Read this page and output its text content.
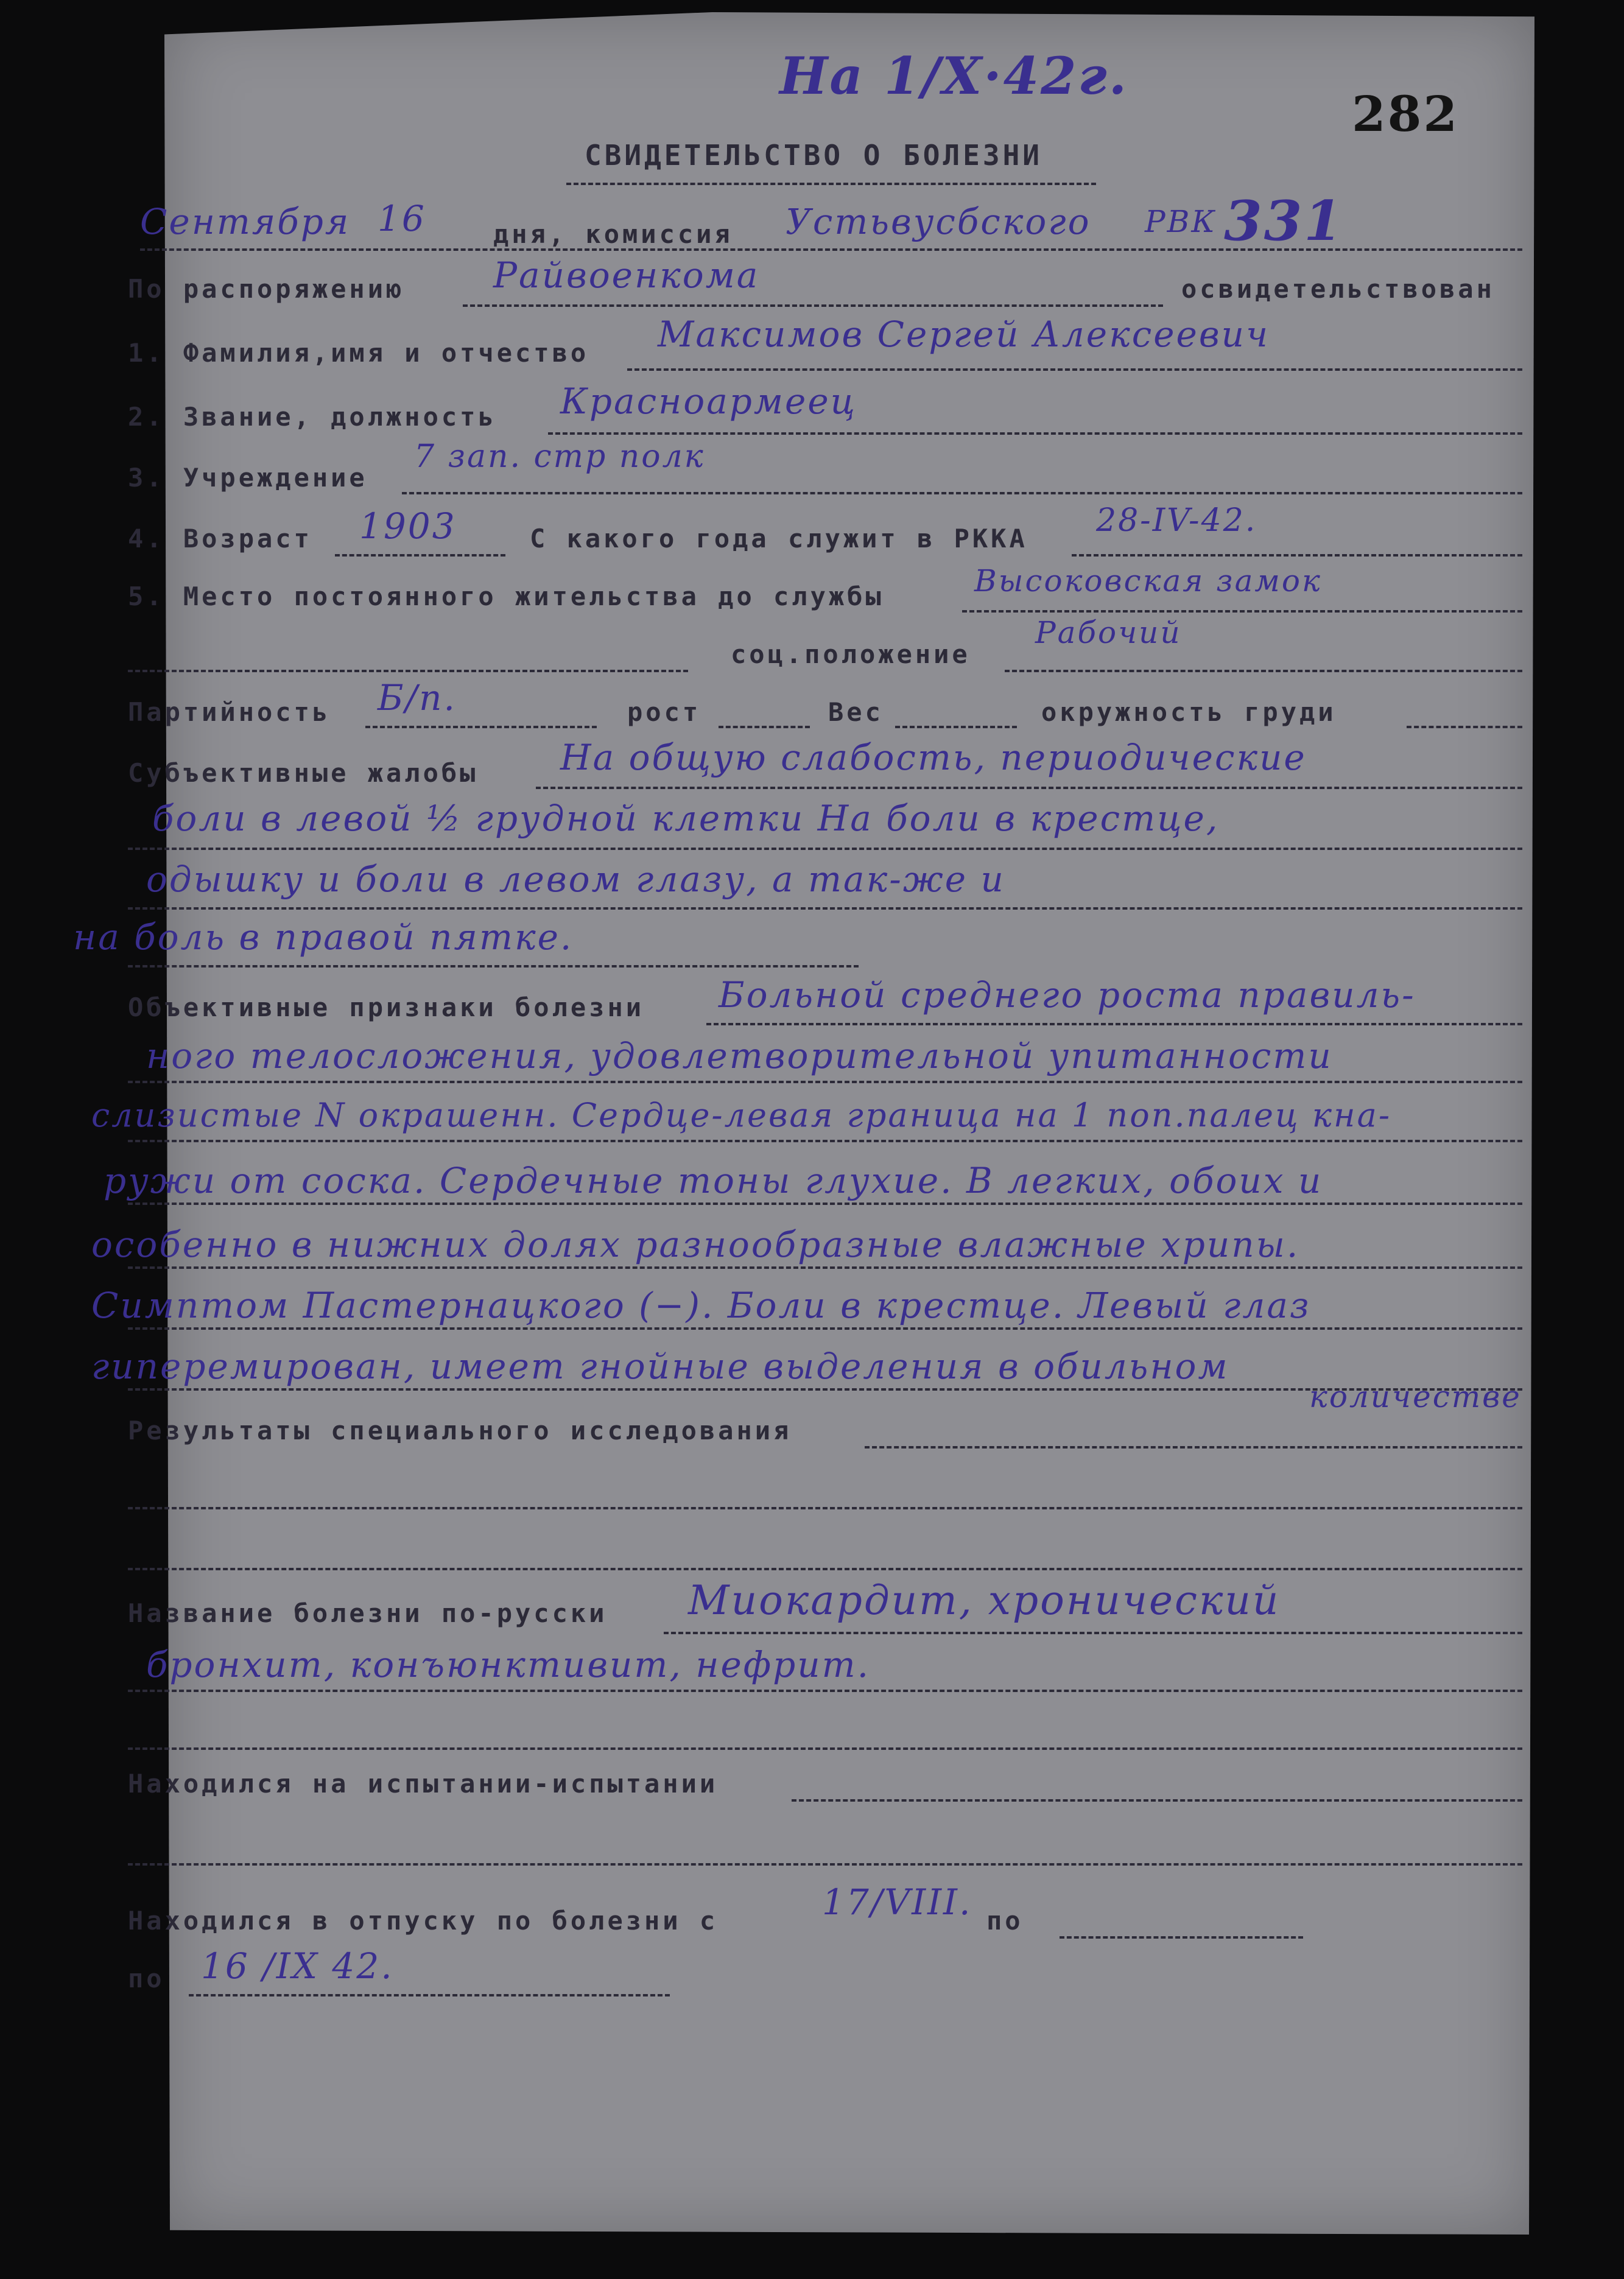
На 1/X·42г.
282
СВИДЕТЕЛЬСТВО О БОЛЕЗНИ
Сентября 16	дня, комиссия Устьвусбского РВК 331
По распоряжению	Райвоенкома	освидетельствован
1. Фамилия,имя и отчество Максимов Сергей Алексеевич
2. Звание, должность Красноармеец
3. Учреждение
7 зап. стр полк
4. Возраст 1903	С какого года служит в РККА 28-IV-42.
5. Место постоянного жительства до службы	Высоковская замок
соц.положение
Рабочий
Партийность Б/п.	рост	Вес	окружность груди
Субъективные жалобы На общую слабость, периодические
боли в левой ½ грудной клетки На боли в крестце,
одышку и боли в левом глазу, а так-же и
на боль в правой пятке.
Объективные признаки болезни Больной среднего роста правиль-
ного телосложения, удовлетворительной упитанности
слизистые N окрашенн. Сердце-левая граница на 1 поп.палец кна-
ружи от соска. Сердечные тоны глухие. В легких, обоих и
особенно в нижних долях разнообразные влажные хрипы.
Симптом Пастернацкого (−). Боли в крестце. Левый глаз
гиперемирован, имеет гнойные выделения в обильном
количестве
Результаты специального исследования
Название болезни по-русски Миокардит, хронический
бронхит, конъюнктивит, нефрит.
Находился на испытании-испытании
Находился в отпуску по болезни с	17/VIII. по
по 16 /IX 42.
